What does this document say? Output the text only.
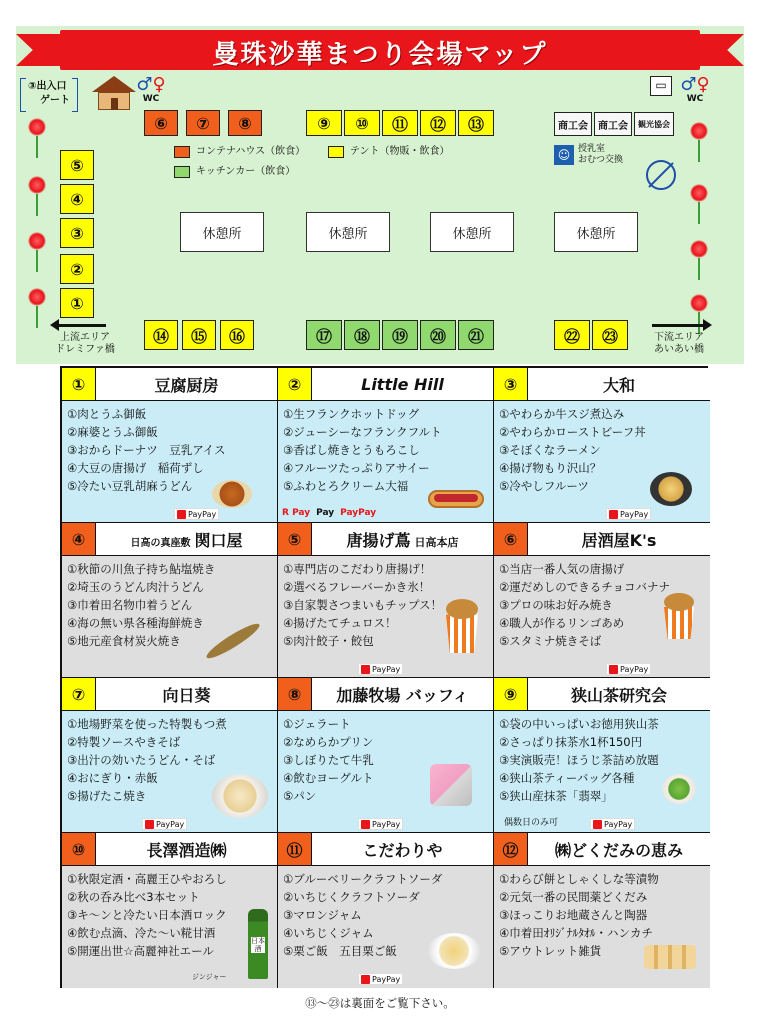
曼珠沙華まつり会場マップ
③出入口
ゲート
♂♀
WC
▭ ♂♀
WC
⑥	⑦	⑧	⑨	⑩	⑪	⑫	⑬	商工会	商工会	観光協会
コンテナハウス（飲食）	テント（物販・飲食）
キッチンカー（飲食）
☺ 授乳室
おむつ交換
⑤
④
③
②
①
休憩所	休憩所	休憩所	休憩所
⑭	⑮	⑯	⑰	⑱	⑲	⑳	㉑	㉒	㉓
上流エリア
ドレミファ橋
下流エリア
あいあい橋
①	豆腐厨房
①肉とうふ御飯
②麻婆とうふ御飯
③おからドーナツ　豆乳アイス
④大豆の唐揚げ　稲荷ずし
⑤冷たい豆乳胡麻うどん
PayPay
②	Little Hill
①生フランクホットドッグ
②ジューシーなフランクフルト
③香ばし焼きとうもろこし
④フルーツたっぷりアサイー
⑤ふわとろクリーム大福
R Pay Pay PayPay
③	大和
①やわらか牛スジ煮込み
②やわらかローストビーフ丼
③そぼくなラーメン
④揚げ物もり沢山？
⑤冷やしフルーツ
PayPay
④	日高の真座敷 関口屋
①秋節の川魚子持ち鮎塩焼き
②埼玉のうどん肉汁うどん
③巾着田名物巾着うどん
④海の無い県各種海鮮焼き
⑤地元産食材炭火焼き
⑤	唐揚げ蔦 日高本店
①専門店のこだわり唐揚げ！
②選べるフレーバーかき氷！
③自家製さつまいもチップス！
④揚げたてチュロス！
⑤肉汁餃子・餃包
PayPay
⑥	居酒屋K's
①当店一番人気の唐揚げ
②運だめしのできるチョコバナナ
③プロの味お好み焼き
④職人が作るリンゴあめ
⑤スタミナ焼きそば
PayPay
⑦	向日葵
①地場野菜を使った特製もつ煮
②特製ソースやきそば
③出汁の効いたうどん・そば
④おにぎり・赤飯
⑤揚げたこ焼き
PayPay
⑧	加藤牧場 バッフィ
①ジェラート
②なめらかプリン
③しぼりたて牛乳
④飲むヨーグルト
⑤パン
PayPay
⑨	狭山茶研究会
①袋の中いっぱいお徳用狭山茶
②さっぱり抹茶水1杯150円
③実演販売！ほうじ茶詰め放題
④狭山茶ティーバッグ各種
⑤狭山産抹茶「翡翠」
偶数日のみ可	PayPay
⑩	長澤酒造㈱
①秋限定酒・高麗王ひやおろし
②秋の呑み比べ3本セット
③キ～ンと冷たい日本酒ロック
④飲む点滴、冷た～い糀甘酒
⑤開運出世☆高麗神社エール
ジンジャー
日本酒
⑪	こだわりや
①ブルーベリークラフトソーダ
②いちじくクラフトソーダ
③マロンジャム
④いちじくジャム
⑤栗ご飯　五目栗ご飯
PayPay
⑫	㈱どくだみの恵み
①わらび餅としゃくしな等漬物
②元気一番の民間薬どくだみ
③ほっこりお地蔵さんと陶器
④巾着田ｵﾘｼﾞﾅﾙﾀｵﾙ・ハンカチ
⑤アウトレット雑貨
⑬～㉓は裏面をご覧下さい。
